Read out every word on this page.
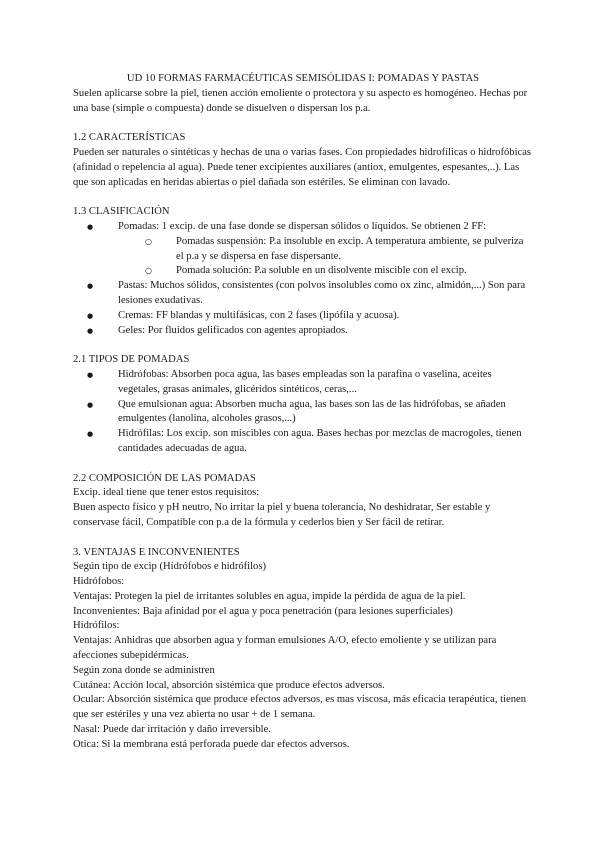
UD 10 FORMAS FARMACÉUTICAS SEMISÓLIDAS I: POMADAS Y PASTAS

Suelen aplicarse sobre la piel, tienen acción emoliente o protectora y su aspecto es homogéneo. Hechas por una base (simple o compuesta) donde se disuelven o dispersan los p.a.

1.2 CARACTERÍSTICAS

Pueden ser naturales o sintéticas y hechas de una o varias fases. Con propiedades hidrofílicas o hidrofóbicas (afinidad o repelencia al agua). Puede tener excipientes auxiliares (antiox, emulgentes, espesantes,..). Las que son aplicadas en heridas abiertas o piel dañada son estériles. Se eliminan con lavado.

1.3 CLASIFICACIÓN

● Pomadas: 1 excip. de una fase donde se dispersan sólidos o líquidos. Se obtienen 2 FF:
○ Pomadas suspensión: P.a insoluble en excip. A temperatura ambiente, se pulveriza el p.a y se dispersa en fase dispersante.
○ Pomada solución: P.a soluble en un disolvente miscible con el excip.
● Pastas: Muchos sólidos, consistentes (con polvos insolubles como ox zinc, almidón,...) Son para lesiones exudativas.
● Cremas: FF blandas y multifásicas, con 2 fases (lipófila y acuosa).
● Geles: Por fluidos gelificados con agentes apropiados.

2.1 TIPOS DE POMADAS

● Hidrófobas: Absorben poca agua, las bases empleadas son la parafina o vaselina, aceites vegetales, grasas animales, glicéridos sintéticos, ceras,...
● Que emulsionan agua: Absorben mucha agua, las bases son las de las hidrófobas, se añaden emulgentes (lanolina, alcoholes grasos,...)
● Hidrófilas: Los excip. son miscibles con agua. Bases hechas por mezclas de macrogoles, tienen cantidades adecuadas de agua.

2.2 COMPOSICIÓN DE LAS POMADAS

Excip. ideal tiene que tener estos requisitos:

Buen aspecto físico y pH neutro, No irritar la piel y buena tolerancia, No deshidratar, Ser estable y conservase fácil, Compatible con p.a de la fórmula y cederlos bien y Ser fácil de retirar.

3. VENTAJAS E INCONVENIENTES

Según tipo de excip (Hidrófobos e hidrófilos)

Hidrófobos:

Ventajas: Protegen la piel de irritantes solubles en agua, impide la pérdida de agua de la piel.

Inconvenientes: Baja afinidad por el agua y poca penetración (para lesiones superficiales)

Hidrófilos:

Ventajas: Anhidras que absorben agua y forman emulsiones A/O, efecto emoliente y se utilizan para afecciones subepidérmicas.

Según zona donde se administren

Cutánea: Acción local, absorción sistémica que produce efectos adversos.

Ocular: Absorción sistémica que produce efectos adversos, es mas viscosa, más eficacia terapéutica, tienen que ser estériles y una vez abierta no usar + de 1 semana.

Nasal: Puede dar irritación y daño irreversible.

Otica: Si la membrana está perforada puede dar efectos adversos.
